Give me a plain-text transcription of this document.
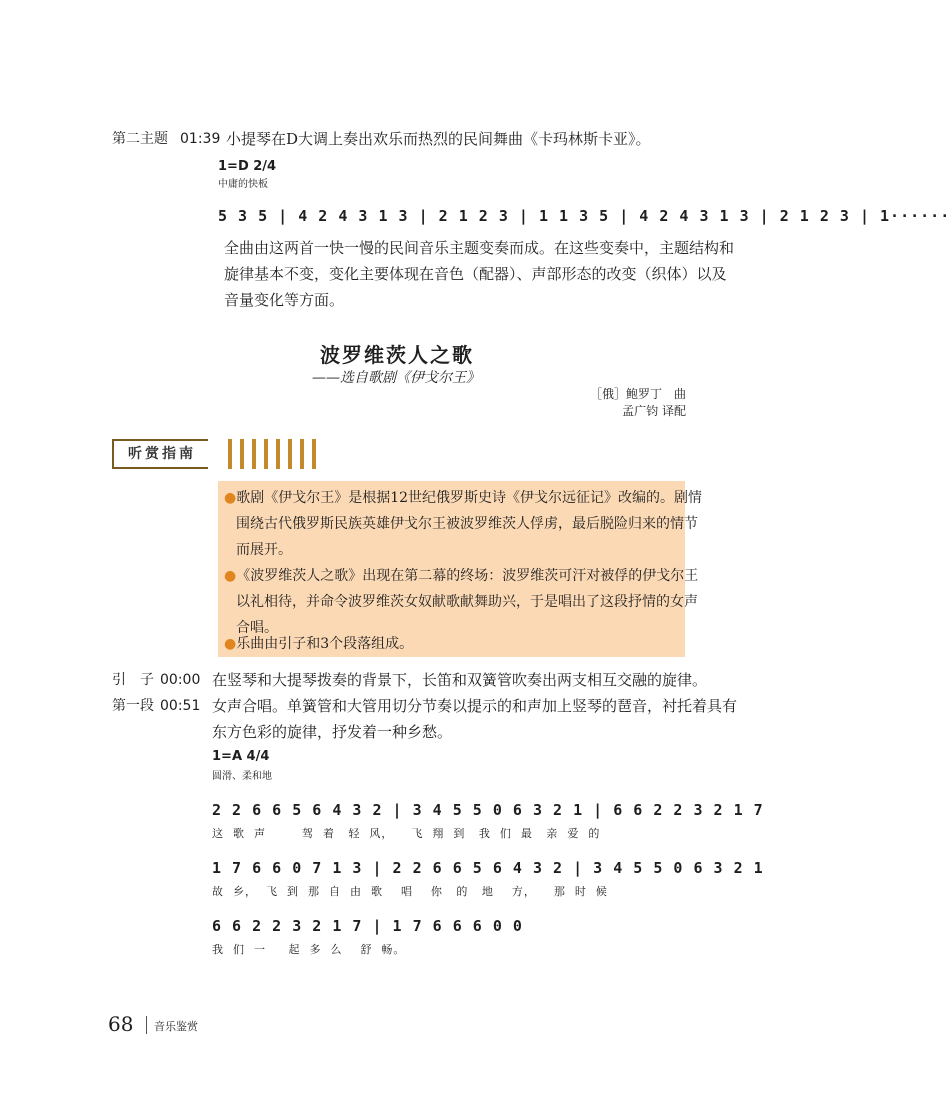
第二主题 01:39 小提琴在D大调上奏出欢乐而热烈的民间舞曲《卡玛林斯卡亚》。
1=D 2/4
中庸的快板
5 3 5 | 4 2 4 3 1 3 | 2 1 2 3 | 1 1 3 5 | 4 2 4 3 1 3 | 2 1 2 3 | 1······
全曲由这两首一快一慢的民间音乐主题变奏而成。在这些变奏中，主题结构和
旋律基本不变，变化主要体现在音色（配器）、声部形态的改变（织体）以及
音量变化等方面。
波罗维茨人之歌
——选自歌剧《伊戈尔王》
［俄］鲍罗丁　曲
孟广钧 译配
听赏指南
●歌剧《伊戈尔王》是根据12世纪俄罗斯史诗《伊戈尔远征记》改编的。剧情
围绕古代俄罗斯民族英雄伊戈尔王被波罗维茨人俘虏，最后脱险归来的情节
而展开。
●《波罗维茨人之歌》出现在第二幕的终场：波罗维茨可汗对被俘的伊戈尔王
以礼相待，并命令波罗维茨女奴献歌献舞助兴，于是唱出了这段抒情的女声
合唱。
●乐曲由引子和3个段落组成。
引　子 00:00 在竖琴和大提琴拨奏的背景下，长笛和双簧管吹奏出两支相互交融的旋律。
第一段 00:51 女声合唱。单簧管和大管用切分节奏以提示的和声加上竖琴的琶音，衬托着具有
东方色彩的旋律，抒发着一种乡愁。
1=A 4/4
圆滑、柔和地
2 2 6 6 5 6 4 3 2 | 3 4 5 5 0 6 3 2 1 | 6 6 2 2 3 2 1 7
这  歌  声        驾  着   轻  风，    飞  翔  到   我  们  最   亲  爱  的
1 7 6 6 0 7 1 3 | 2 2 6 6 5 6 4 3 2 | 3 4 5 5 0 6 3 2 1
故  乡，  飞  到  那  自  由  歌    唱    你   的   地    方，    那  时  候
6 6 2 2 3 2 1 7 | 1 7 6 6 6 0 0
我  们  一     起  多  么    舒  畅。
68 音乐鉴赏
